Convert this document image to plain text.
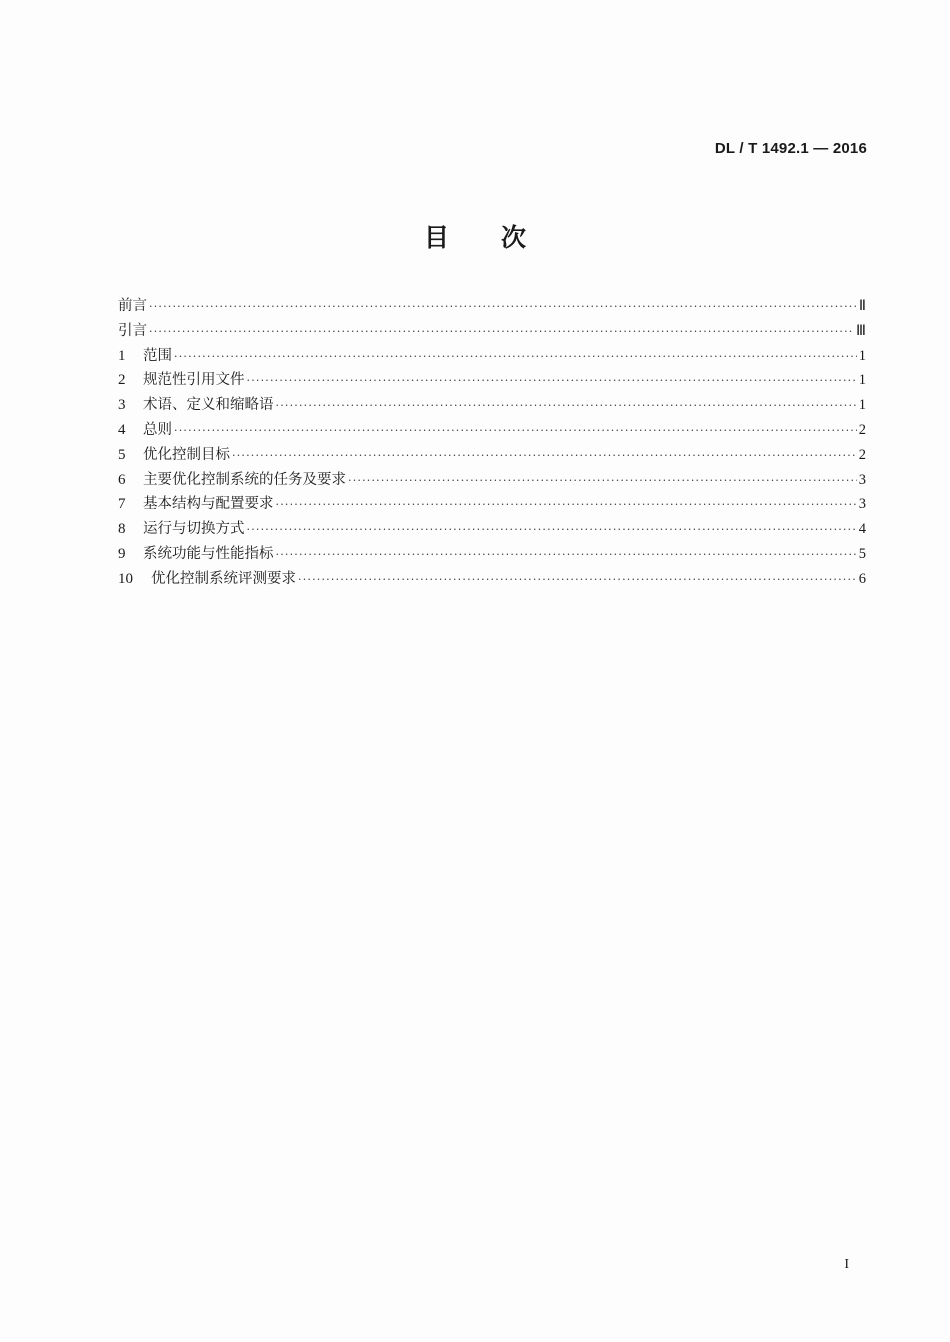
DL / T 1492.1 — 2016
目次
前言 ·····	Ⅱ
引言 ·····	Ⅲ
1	范围 ·····	1
2	规范性引用文件 ·····	1
3	术语、定义和缩略语 ·····	1
4	总则 ·····	2
5	优化控制目标 ·····	2
6	主要优化控制系统的任务及要求 ·····	3
7	基本结构与配置要求 ·····	3
8	运行与切换方式 ·····	4
9	系统功能与性能指标 ·····	5
10	优化控制系统评测要求 ·····	6
I
